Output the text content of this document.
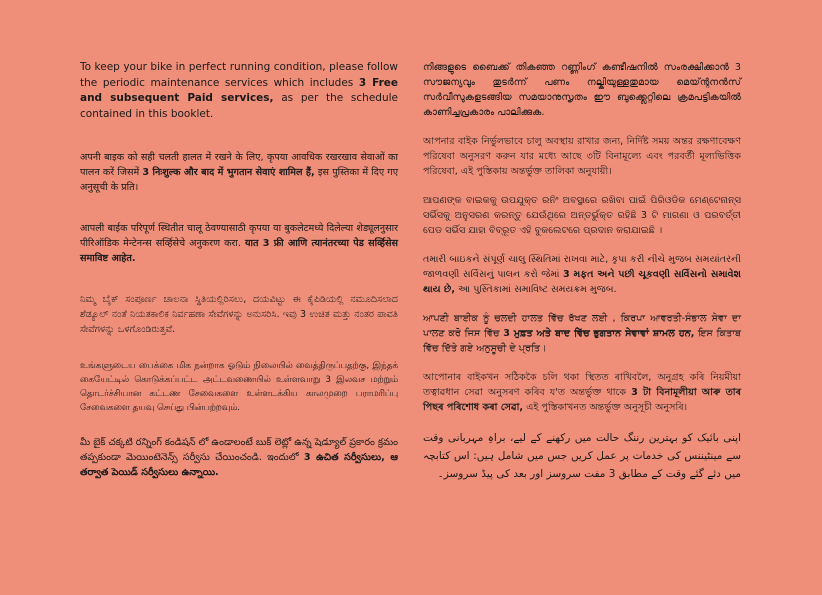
To keep your bike in perfect running condition, please follow the periodic maintenance services which includes 3 Free and subsequent Paid services, as per the schedule contained in this booklet.

अपनी बाइक को सही चलती हालत में रखने के लिए, कृपया आवधिक रखरखाव सेवाओं का पालन करें जिसमें 3 निःशुल्क और बाद में भुगतान सेवाएं शामिल हैं, इस पुस्तिका में दिए गए अनुसूची के प्रति।

आपली बाईक परिपूर्ण स्थितीत चालू ठेवण्यासाठी कृपया या बुकलेटमध्ये दिलेल्या शेड्यूलनुसार पीरिऑडिक मेन्टेनन्स सर्व्हिसेचे अनुकरण करा. यात 3 फ्री आणि त्यानंतरच्या पेड सर्व्हिसेस समाविष्ट आहेत.

ನಿಮ್ಮ ಬೈಕ್ ಸಂಪೂರ್ಣ ಚಾಲನಾ ಸ್ಥಿತಿಯಲ್ಲಿರಿಸಲು, ದಯವಿಟ್ಟು ಈ ಕೈಪಿಡಿಯಲ್ಲಿ ನಮೂದಿಸಲಾದ ಶೆಡ್ಯೂಲ್ ನಂತೆ ನಿಯತಕಾಲಿಕ ನಿರ್ವಹಣಾ ಸೇವೆಗಳನ್ನು ಅನುಸರಿಸಿ. ಇವು 3 ಉಚಿತ ಮತ್ತು ನಂತರ ಪಾವತಿ ಸೇವೆಗಳನ್ನು ಒಳಗೊಂಡಿರುತ್ತವೆ.

உங்களுடைய பைக்கை மிக நன்றாக ஓடும் நிலையில் வைத்திருப்பதற்கு, இந்தக் கையேட்டில் கொடுக்கப்பட்ட அட்டவணையில் உள்ளவாறு 3 இலவச மற்றும் தொடர்ச்சியான கட்டண சேவைகளை உள்ளடக்கிய காலமுறை பராமரிப்பு சேவைகளை தயவு செய்து பின்பற்றவும்.

మీ బైక్ చక్కటి రన్నింగ్ కండిషన్ లో ఉండాలంటే బుక్ లెట్లో ఉన్న షెడ్యూల్ ప్రకారం క్రమం తప్పకుండా మెయింటెనెన్స్ సర్వీసు చేయించండి. ఇందులో 3 ఉచిత సర్వీసులు, ఆ తర్వాత పెయిడ్ సర్వీసులు ఉన్నాయి.

നിങ്ങളുടെ ബൈക്ക് തികഞ്ഞ റണ്ണിംഗ് കണ്ടീഷനിൽ സംരക്ഷിക്കാൻ 3 സൗജന്യവും തുടർന്ന് പണം നല്കിയുള്ളതുമായ മെയ്ന്റനൻസ് സർവീസുകളടങ്ങിയ സമയാനുസൃതം ഈ ബുക്ക്ലെറ്റിലെ ക്രമപട്ടികയിൽ കാണിച്ചപ്രകാരം പാലിക്കുക.

আপনার বাইক নির্ভুলভাবে চালু অবস্থায় রাখার জন্য, নির্দিষ্ট সময় অন্তর রক্ষণাবেক্ষণ পরিষেবা অনুসরণ করুন যার মধ্যে আছে ৩টি বিনামূল্যে এবং পরবর্তী মূল্যভিত্তিক পরিষেবা, এই পুস্তিকায় অন্তর্ভুক্ত তালিকা অনুযায়ী।

ଆପଣଙ୍କ ବାଇକକୁ ଉପଯୁକ୍ତ ରନିଂ ଅବସ୍ଥାରେ ରଖିବା ପାଇଁ ପିରିଓଡିକ ମେଣ୍ଟେନାନ୍ସ ସର୍ଭିସକୁ ଅନୁସରଣ କରନ୍ତୁ ଯେଉଁଥିରେ ଅନ୍ତର୍ଭୁକ୍ତ ରହିଛି 3 ଟି ମାଗଣା ଓ ପରବର୍ତ୍ତୀ ପେଡ ସର୍ଭିସ ଯାହା ବିବ୍ରୂତ ଏହି ବୁକଲେଟରେ ପ୍ରଦାନ କରାଯାଇଛି ।

તમારી બાઇકને સંપૂર્ણ ચાલુ સ્થિતિમાં રાખવા માટે, કૃપા કરી નીચે મુજબ સમયાંતરની જાળવણી સર્વિસનું પાલન કરો જેમાં 3 મફત અને પછી ચૂકવણી સર્વિસનો સમાવેશ થાય છે, આ પુસ્તિકામાં સમાવિષ્ટ સમયક્રમ મુજબ.

ਆਪਣੀ ਬਾਈਕ ਨੂੰ ਚਲਦੀ ਹਾਲਤ ਵਿੱਚ ਰੱਖਣ ਲਈ , ਕਿਰਪਾ ਆਵਰਤੀ-ਸੰਭਾਲ ਸੇਵਾ ਦਾ ਪਾਲਣ ਕਰੋ ਜਿਸ ਵਿੱਚ 3 ਮੁਫ਼ਤ ਅਤੇ ਬਾਦ ਵਿੱਚ ਭੁਗਤਾਨ ਸੇਵਾਵਾਂ ਸ਼ਾਮਲ ਹਨ, ਇਸ ਕਿਤਾਬ ਵਿੱਚ ਦਿੱਤੇ ਗਏ ਅਨੁਸੂਚੀ ਦੇ ਪ੍ਰਤਿ।

আপোনাৰ বাইকখন সঠিককৈ চলি থকা স্থিতত ৰাখিবলৈ, অনুগ্ৰহ কৰি নিয়মীয়া তত্বাৱধান সেৱা অনুসৰণ কৰিব য'ত অন্তৰ্ভুক্ত থাকে 3 টা বিনামূলীয়া আৰু তাৰ পিছৰ পৰিশোধ কৰা সেৱা, এই পুস্তিকাখনত অন্তৰ্ভুক্ত অনুসূচী অনুসৰি।

اپنی بائیک کو بہترین رننگ حالت میں رکھنے کے لیے، براہِ مہربانی وقت سے مینٹیننس کی خدمات پر عمل کریں جس میں شامل ہیں: اس کتابچہ میں دئے گئے وقت کے مطابق 3 مفت سروسز اور بعد کی پیڈ سروسز۔
